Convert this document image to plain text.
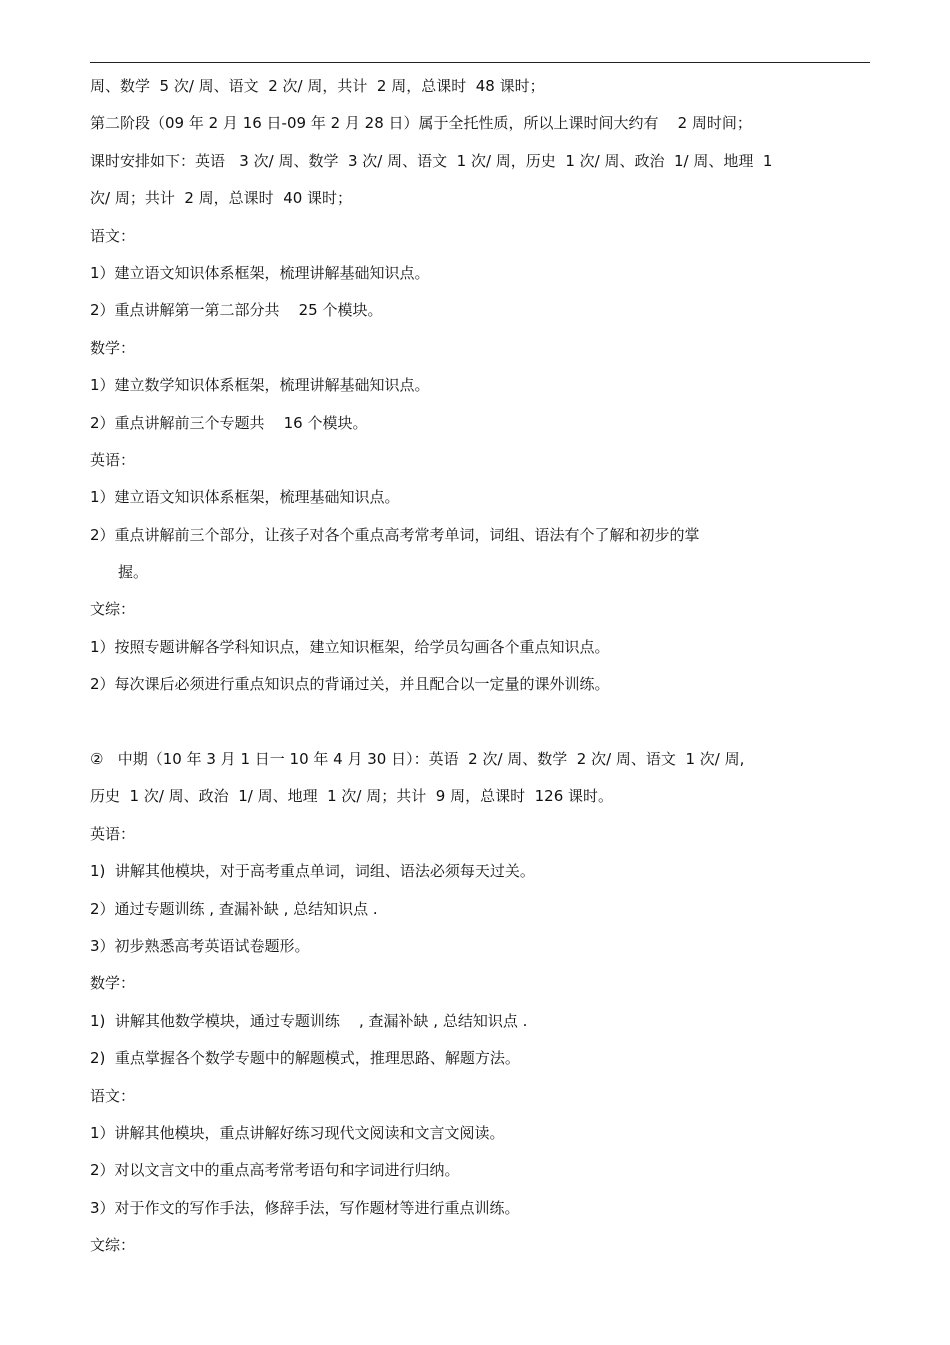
周、数学  5 次/ 周、语文  2 次/ 周，共计  2 周，总课时  48 课时；
第二阶段（09 年 2 月 16 日-09 年 2 月 28 日）属于全托性质，所以上课时间大约有    2 周时间；
课时安排如下：英语   3 次/ 周、数学  3 次/ 周、语文  1 次/ 周，历史  1 次/ 周、政治  1/ 周、地理  1
次/ 周；共计  2 周，总课时  40 课时；
语文：
1）建立语文知识体系框架，梳理讲解基础知识点。
2）重点讲解第一第二部分共    25 个模块。
数学：
1）建立数学知识体系框架，梳理讲解基础知识点。
2）重点讲解前三个专题共    16 个模块。
英语：
1）建立语文知识体系框架，梳理基础知识点。
2）重点讲解前三个部分，让孩子对各个重点高考常考单词，词组、语法有个了解和初步的掌
握。
文综：
1）按照专题讲解各学科知识点，建立知识框架，给学员勾画各个重点知识点。
2）每次课后必须进行重点知识点的背诵过关，并且配合以一定量的课外训练。
②   中期（10 年 3 月 1 日一 10 年 4 月 30 日）：英语  2 次/ 周、数学  2 次/ 周、语文  1 次/ 周,
历史  1 次/ 周、政治  1/ 周、地理  1 次/ 周；共计  9 周，总课时  126 课时。
英语：
1)  讲解其他模块，对于高考重点单词，词组、语法必须每天过关。
2）通过专题训练 , 查漏补缺 , 总结知识点 .
3）初步熟悉高考英语试卷题形。
数学：
1)  讲解其他数学模块，通过专题训练    , 查漏补缺 , 总结知识点 .
2)  重点掌握各个数学专题中的解题模式，推理思路、解题方法。
语文：
1）讲解其他模块，重点讲解好练习现代文阅读和文言文阅读。
2）对以文言文中的重点高考常考语句和字词进行归纳。
3）对于作文的写作手法，修辞手法，写作题材等进行重点训练。
文综：
